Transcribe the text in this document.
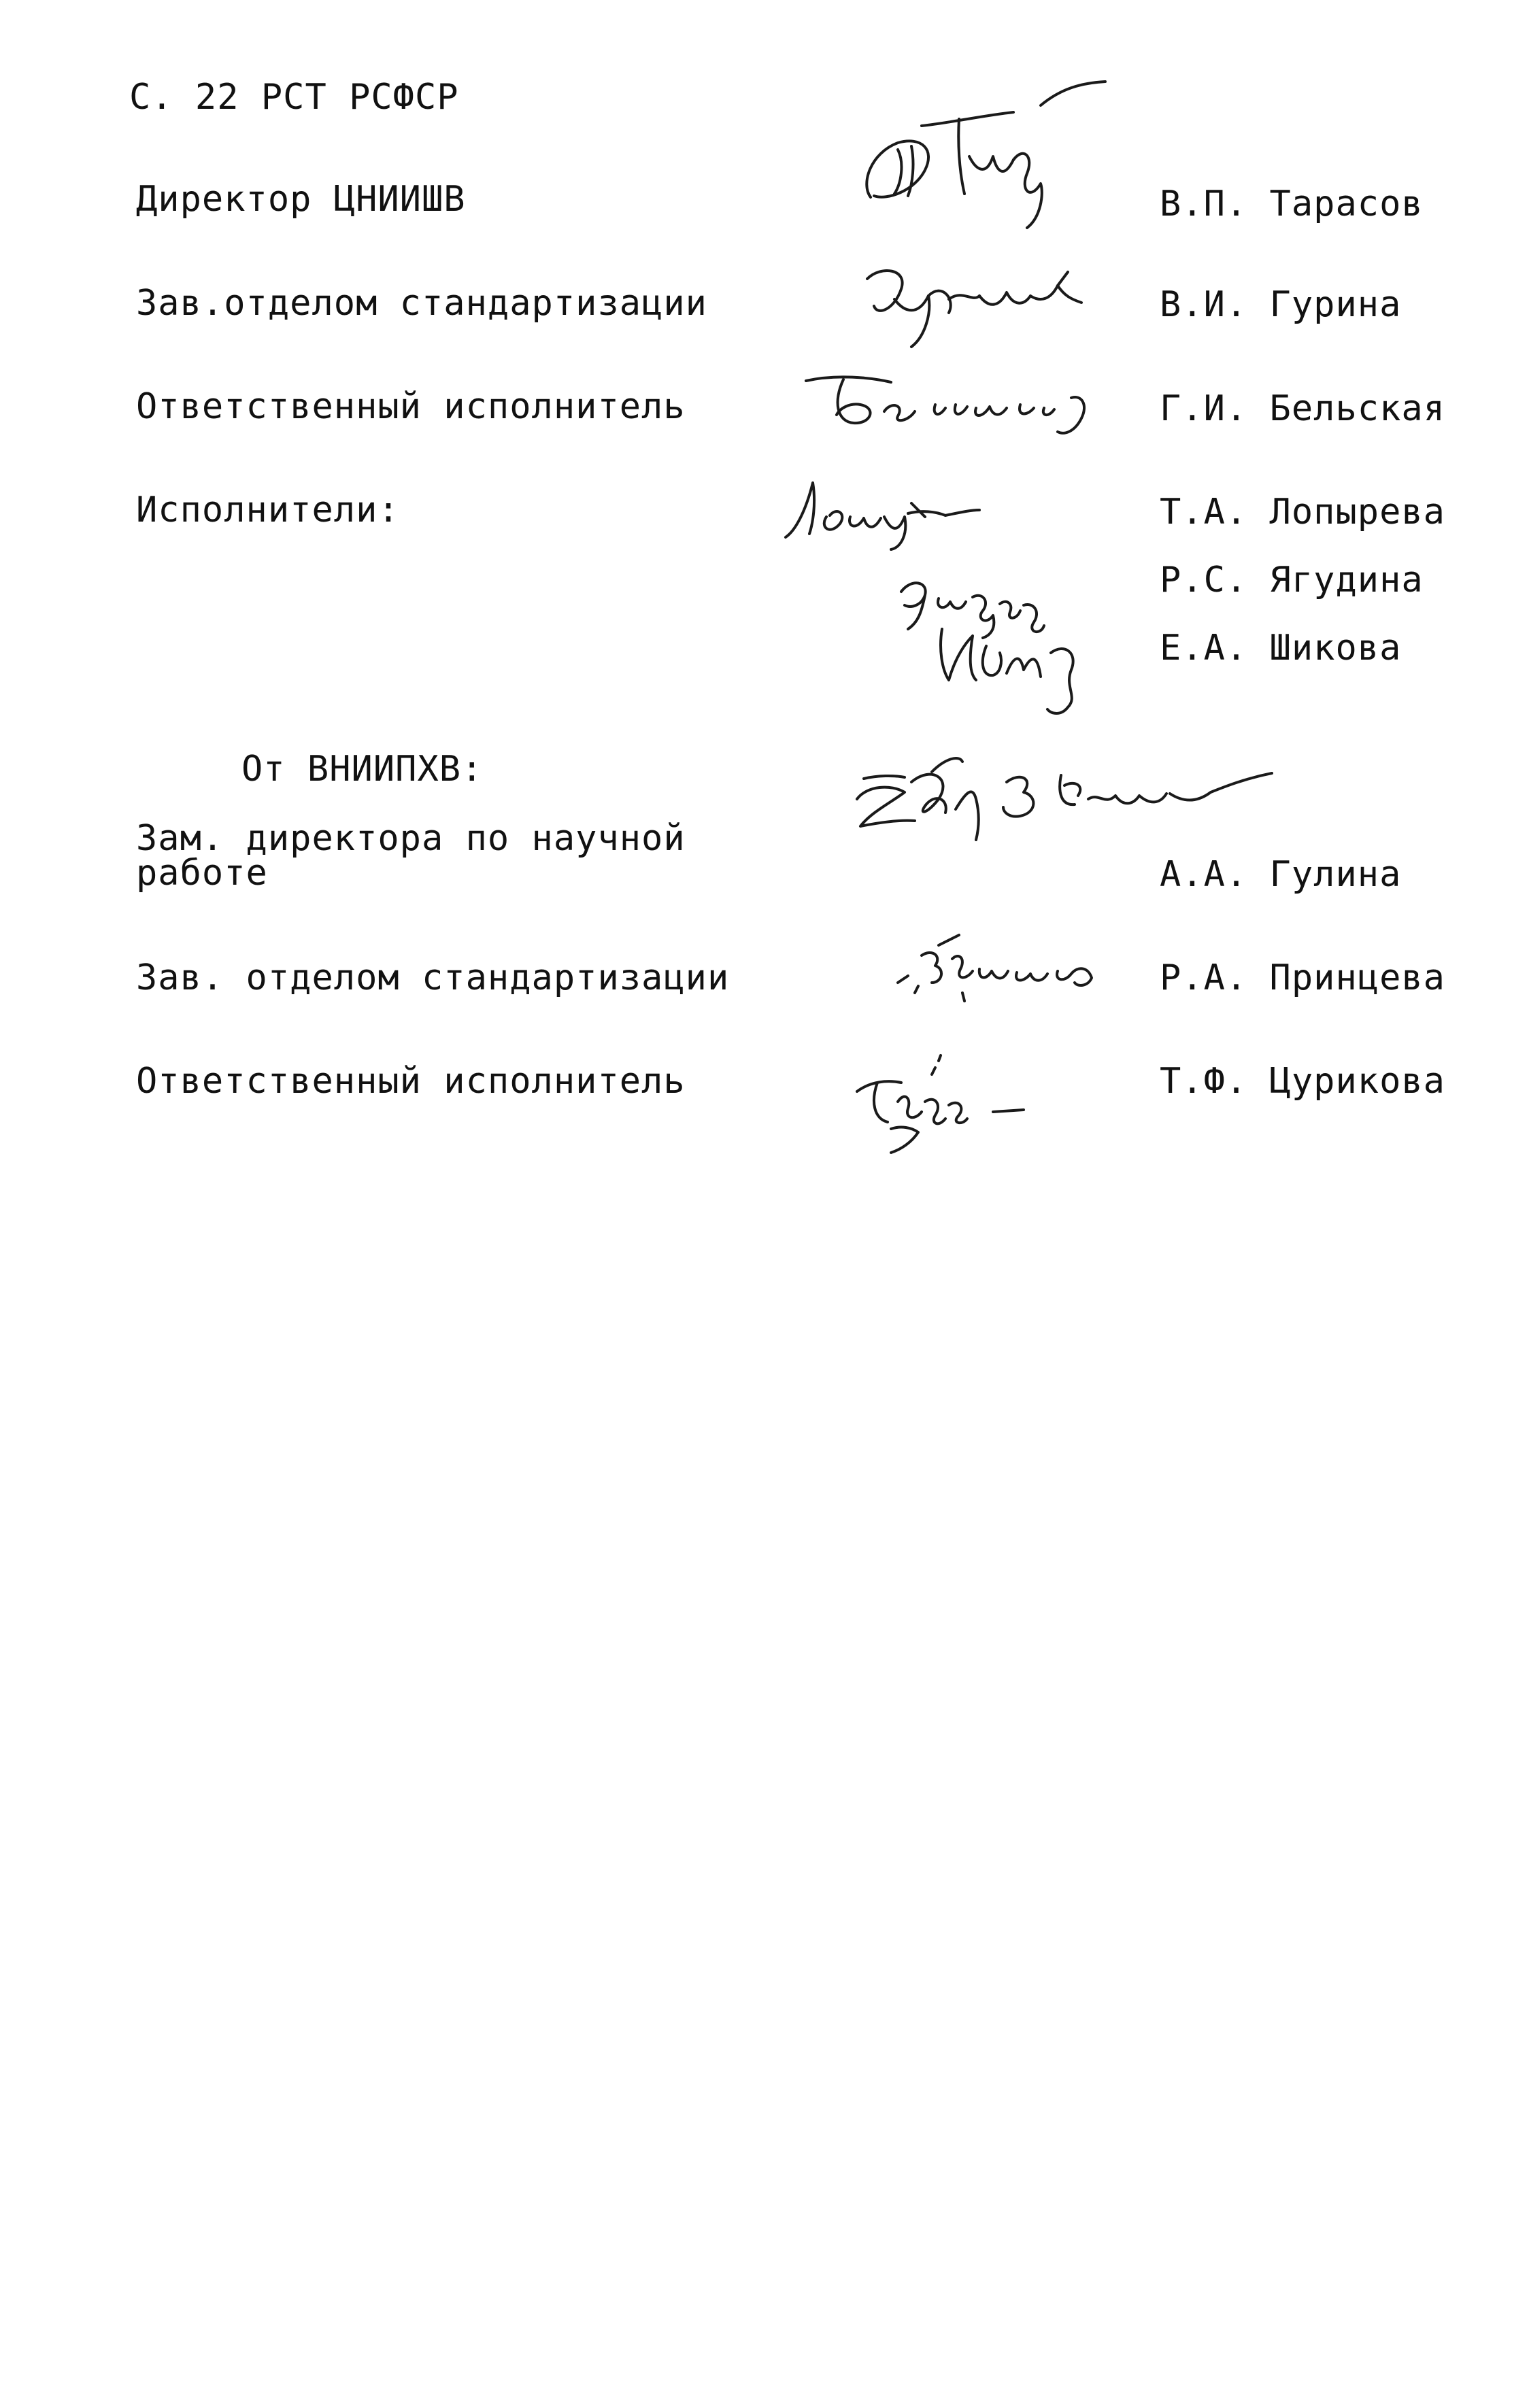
С. 22 РСТ РСФСР
Директор ЦНИИШВ
Зав.отделом стандартизации
Ответственный исполнитель
Исполнители:
В.П. Тарасов
В.И. Гурина
Г.И. Бельская
Т.А. Лопырева
Р.С. Ягудина
Е.А. Шикова
От ВНИИПХВ:
Зам. директора по научной
работе
Зав. отделом стандартизации
Ответственный исполнитель
А.А. Гулина
Р.А. Принцева
Т.Ф. Цурикова
